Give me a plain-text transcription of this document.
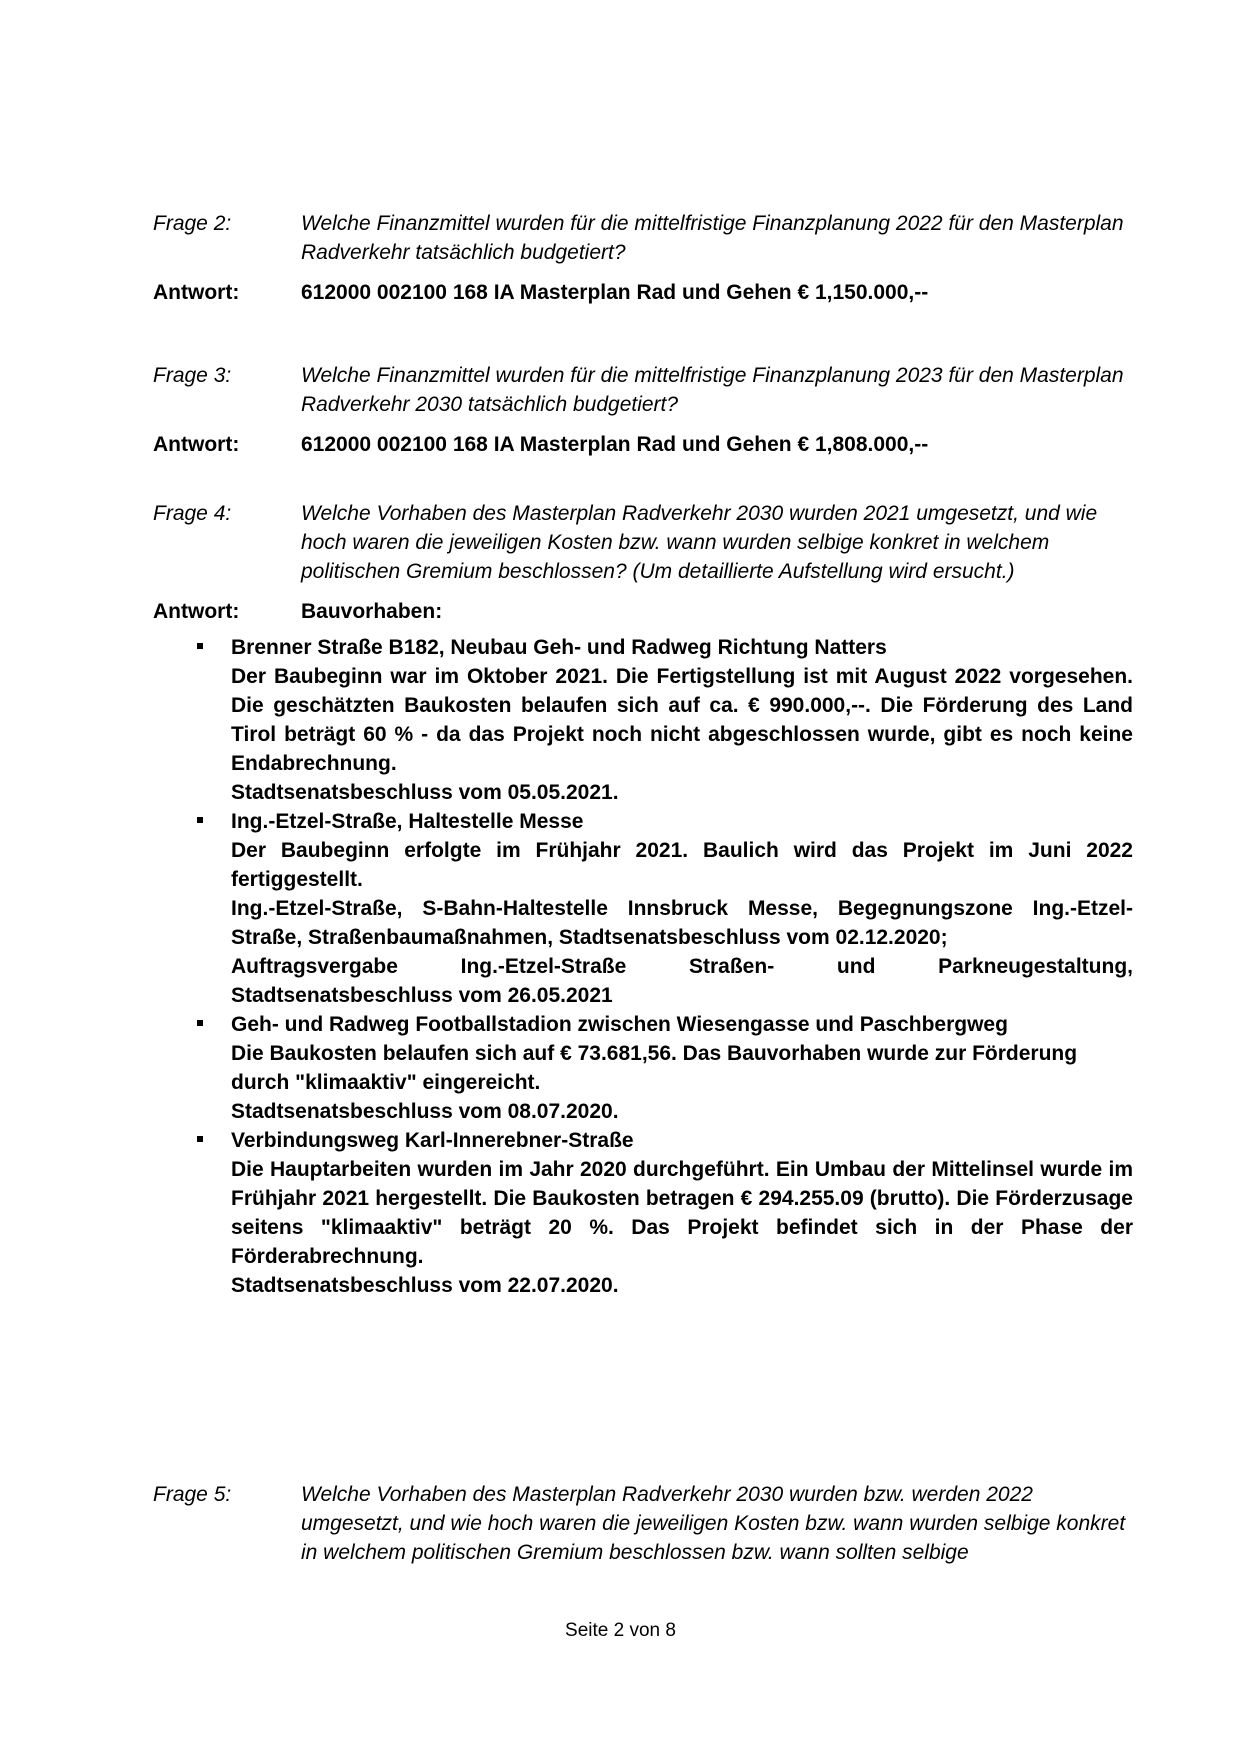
Frage 2:	Welche Finanzmittel wurden für die mittelfristige Finanzplanung 2022 für den Masterplan Radverkehr tatsächlich budgetiert?
Antwort:	612000 002100 168 IA Masterplan Rad und Gehen € 1,150.000,--
Frage 3:	Welche Finanzmittel wurden für die mittelfristige Finanzplanung 2023 für den Masterplan Radverkehr 2030 tatsächlich budgetiert?
Antwort:	612000 002100 168 IA Masterplan Rad und Gehen € 1,808.000,--
Frage 4:	Welche Vorhaben des Masterplan Radverkehr 2030 wurden 2021 umgesetzt, und wie hoch waren die jeweiligen Kosten bzw. wann wurden selbige konkret in welchem politischen Gremium beschlossen? (Um detaillierte Aufstellung wird ersucht.)
Antwort:	Bauvorhaben:
Brenner Straße B182, Neubau Geh- und Radweg Richtung Natters
Der Baubeginn war im Oktober 2021. Die Fertigstellung ist mit August 2022 vorgesehen. Die geschätzten Baukosten belaufen sich auf ca. € 990.000,--. Die Förderung des Land Tirol beträgt 60 % - da das Projekt noch nicht abgeschlossen wurde, gibt es noch keine Endabrechnung.
Stadtsenatsbeschluss vom 05.05.2021.
Ing.-Etzel-Straße, Haltestelle Messe
Der Baubeginn erfolgte im Frühjahr 2021. Baulich wird das Projekt im Juni 2022 fertiggestellt.
Ing.-Etzel-Straße, S-Bahn-Haltestelle Innsbruck Messe, Begegnungszone Ing.-Etzel-Straße, Straßenbaumaßnahmen, Stadtsenatsbeschluss vom 02.12.2020;
Auftragsvergabe Ing.-Etzel-Straße Straßen- und Parkneugestaltung, Stadtsenatsbeschluss vom 26.05.2021
Geh- und Radweg Footballstadion zwischen Wiesengasse und Paschbergweg
Die Baukosten belaufen sich auf € 73.681,56. Das Bauvorhaben wurde zur Förderung durch "klimaaktiv" eingereicht.
Stadtsenatsbeschluss vom 08.07.2020.
Verbindungsweg Karl-Innerebner-Straße
Die Hauptarbeiten wurden im Jahr 2020 durchgeführt. Ein Umbau der Mittelinsel wurde im Frühjahr 2021 hergestellt. Die Baukosten betragen € 294.255.09 (brutto). Die Förderzusage seitens "klimaaktiv" beträgt 20 %. Das Projekt befindet sich in der Phase der Förderabrechnung.
Stadtsenatsbeschluss vom 22.07.2020.
Frage 5:	Welche Vorhaben des Masterplan Radverkehr 2030 wurden bzw. werden 2022 umgesetzt, und wie hoch waren die jeweiligen Kosten bzw. wann wurden selbige konkret in welchem politischen Gremium beschlossen bzw. wann sollten selbige
Seite 2 von 8
